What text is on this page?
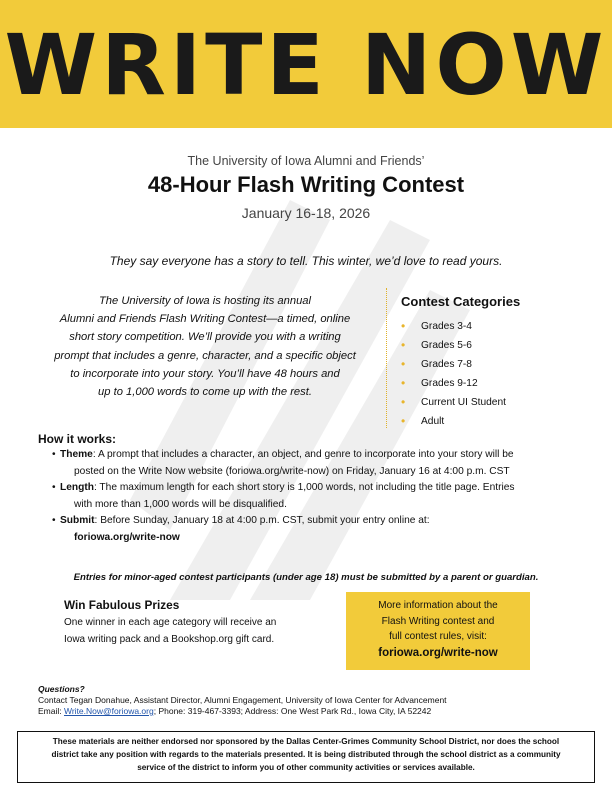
WRITE NOW
The University of Iowa Alumni and Friends’
48-Hour Flash Writing Contest
January 16-18, 2026
They say everyone has a story to tell. This winter, we’d love to read yours.
The University of Iowa is hosting its annual
Alumni and Friends Flash Writing Contest—a timed, online
short story competition. We’ll provide you with a writing
prompt that includes a genre, character, and a specific object
to incorporate into your story. You’ll have 48 hours and
up to 1,000 words to come up with the rest.
Contest Categories
• Grades 3-4
• Grades 5-6
• Grades 7-8
• Grades 9-12
• Current UI Student
• Adult
How it works:
• Theme: A prompt that includes a character, an object, and genre to incorporate into your story will be
posted on the Write Now website (foriowa.org/write-now) on Friday, January 16 at 4:00 p.m. CST
• Length: The maximum length for each short story is 1,000 words, not including the title page. Entries
with more than 1,000 words will be disqualified.
• Submit: Before Sunday, January 18 at 4:00 p.m. CST, submit your entry online at:
foriowa.org/write-now
Entries for minor-aged contest participants (under age 18) must be submitted by a parent or guardian.
Win Fabulous Prizes

One winner in each age category will receive an

Iowa writing pack and a Bookshop.org gift card.

More information about the
Flash Writing contest and
full contest rules, visit:
foriowa.org/write-now
Questions?
Contact Tegan Donahue, Assistant Director, Alumni Engagement, University of Iowa Center for Advancement
Email: Write.Now@foriowa.org; Phone: 319-467-3393; Address: One West Park Rd., Iowa City, IA 52242
These materials are neither endorsed nor sponsored by the Dallas Center-Grimes Community School District, nor does the school
district take any position with regards to the materials presented. It is being distributed through the school district as a community
service of the district to inform you of other community activities or services available.
